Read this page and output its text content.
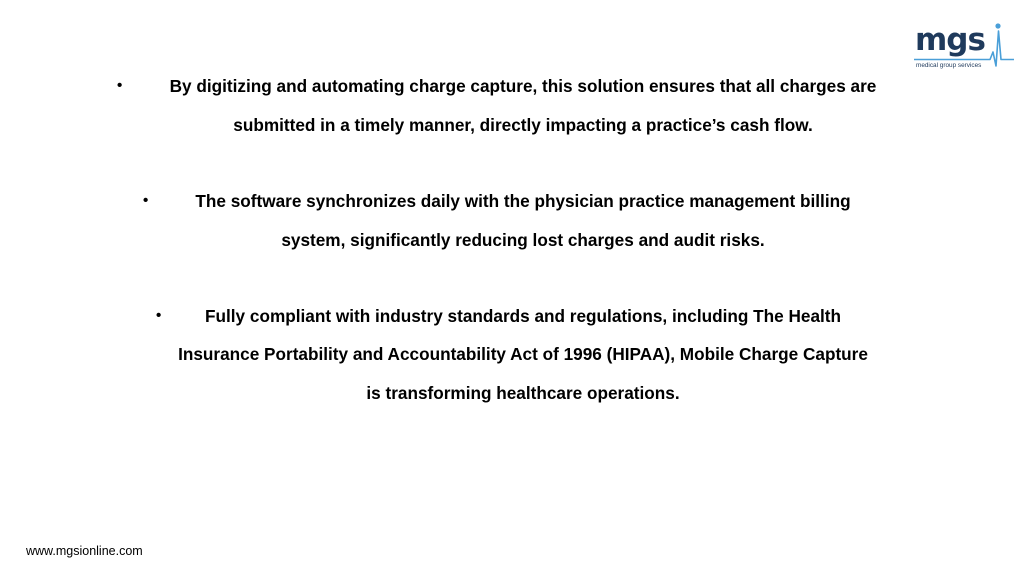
mgs
medical group services
•	By digitizing and automating charge capture, this solution ensures that all charges are
submitted in a timely manner, directly impacting a practice’s cash flow.
•	The software synchronizes daily with the physician practice management billing
system, significantly reducing lost charges and audit risks.
•	Fully compliant with industry standards and regulations, including The Health
Insurance Portability and Accountability Act of 1996 (HIPAA), Mobile Charge Capture
is transforming healthcare operations.
www.mgsionline.com
